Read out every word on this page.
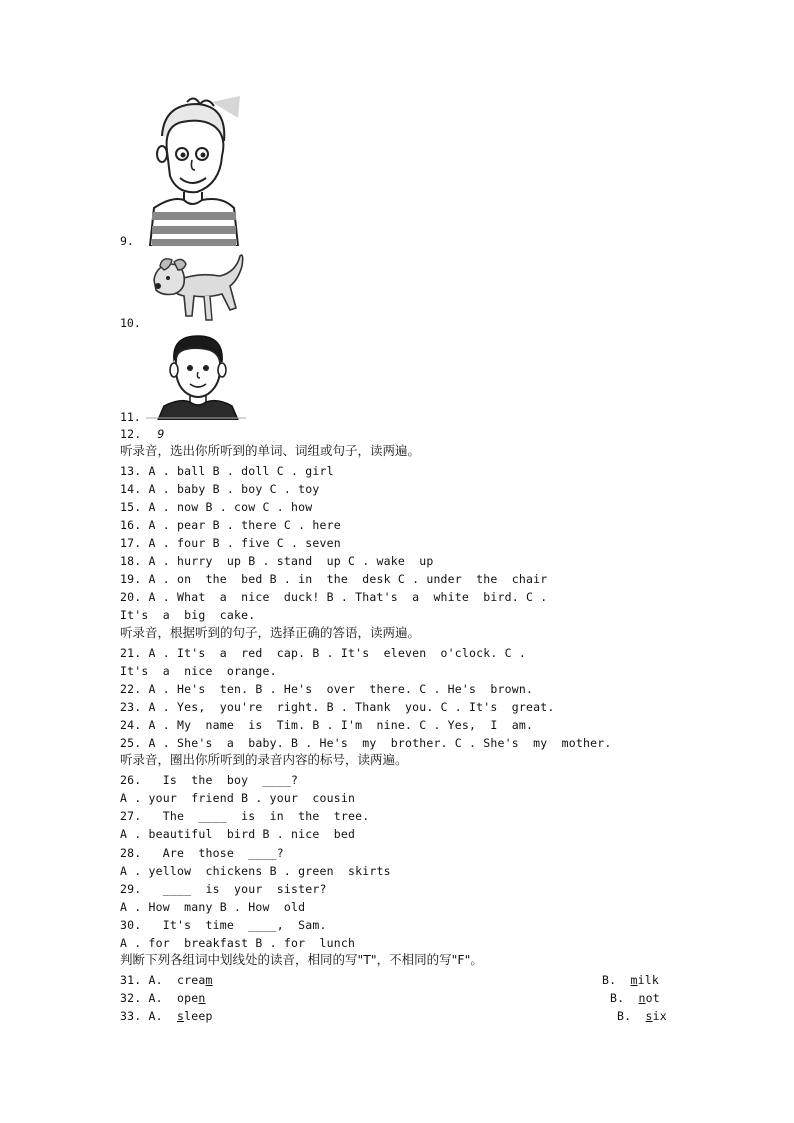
9.
10.
11.
12. 9
听录音，选出你所听到的单词、词组或句子，读两遍。
13. A . ball B . doll C . girl
14. A . baby B . boy C . toy
15. A . now B . cow C . how
16. A . pear B . there C . here
17. A . four B . five C . seven
18. A . hurry  up B . stand  up C . wake  up
19. A . on  the  bed B . in  the  desk C . under  the  chair
20. A . What  a  nice  duck! B . That's  a  white  bird. C .
It's  a  big  cake.
听录音，根据听到的句子，选择正确的答语，读两遍。
21. A . It's  a  red  cap. B . It's  eleven  o'clock. C .
It's  a  nice  orange.
22. A . He's  ten. B . He's  over  there. C . He's  brown.
23. A . Yes,  you're  right. B . Thank  you. C . It's  great.
24. A . My  name  is  Tim. B . I'm  nine. C . Yes,  I  am.
25. A . She's  a  baby. B . He's  my  brother. C . She's  my  mother.
听录音，圈出你所听到的录音内容的标号，读两遍。
26.   Is  the  boy  ____?
A . your  friend B . your  cousin
27.   The  ____  is  in  the  tree.
A . beautiful  bird B . nice  bed
28.   Are  those  ____?
A . yellow  chickens B . green  skirts
29.   ____  is  your  sister?
A . How  many B . How  old
30.   It's  time  ____,  Sam.
A . for  breakfast B . for  lunch
判断下列各组词中划线处的读音，相同的写"T"，不相同的写"F"。
31. A. cream	B. milk
32. A. open	B. not
33. A. sleep	B. six
